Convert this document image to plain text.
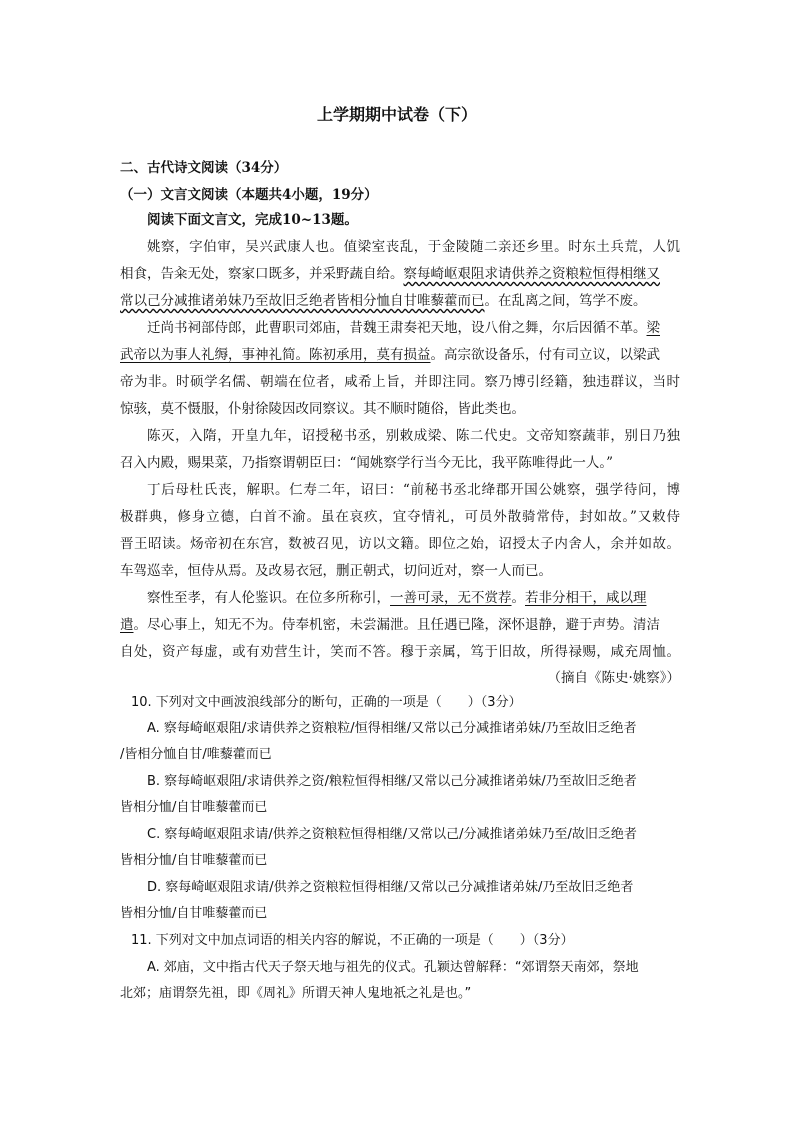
上学期期中试卷（下）
二、古代诗文阅读（34分）
（一）文言文阅读（本题共4小题，19分）
阅读下面文言文，完成10~13题。
姚察，字伯审，吴兴武康人也。值梁室丧乱，于金陵随二亲还乡里。时东土兵荒，人饥
相食，告籴无处，察家口既多，并采野蔬自给。察每崎岖艰阻求请供养之资粮粒恒得相继又
常以己分减推诸弟妹乃至故旧乏绝者皆相分恤自甘唯藜藿而已。在乱离之间，笃学不废。
迁尚书祠部侍郎，此曹职司郊庙，昔魏王肃奏祀天地，设八佾之舞，尔后因循不革。梁
武帝以为事人礼缛，事神礼简。陈初承用，莫有损益。高宗欲设备乐，付有司立议，以梁武
帝为非。时硕学名儒、朝端在位者，咸希上旨，并即注同。察乃博引经籍，独违群议，当时
惊骇，莫不慑服，仆射徐陵因改同察议。其不顺时随俗，皆此类也。
陈灭，入隋，开皇九年，诏授秘书丞，别敕成梁、陈二代史。文帝知察蔬菲，别日乃独
召入内殿，赐果菜，乃指察谓朝臣曰：“闻姚察学行当今无比，我平陈唯得此一人。”
丁后母杜氏丧，解职。仁寿二年，诏曰：“前秘书丞北绛郡开国公姚察，强学待问，博
极群典，修身立德，白首不渝。虽在哀疚，宜夺情礼，可员外散骑常侍，封如故。”又敕侍
晋王昭读。炀帝初在东宫，数被召见，访以文籍。即位之始，诏授太子内舍人，余并如故。
车驾巡幸，恒侍从焉。及改易衣冠，删正朝式，切问近对，察一人而已。
察性至孝，有人伦鉴识。在位多所称引，一善可录，无不赏荐。若非分相干，咸以理
遣。尽心事上，知无不为。侍奉机密，未尝漏泄。且任遇已隆，深怀退静，避于声势。清洁
自处，资产每虚，或有劝营生计，笑而不答。穆于亲属，笃于旧故，所得禄赐，咸充周恤。
（摘自《陈史·姚察》）
10. 下列对文中画波浪线部分的断句，正确的一项是（　　）（3分）
A. 察每崎岖艰阻/求请供养之资粮粒/恒得相继/又常以己分减推诸弟妹/乃至故旧乏绝者
/皆相分恤自甘/唯藜藿而已
B. 察每崎岖艰阻/求请供养之资/粮粒恒得相继/又常以己分减推诸弟妹/乃至故旧乏绝者
皆相分恤/自甘唯藜藿而已
C. 察每崎岖艰阻求请/供养之资粮粒恒得相继/又常以己/分减推诸弟妹乃至/故旧乏绝者
皆相分恤/自甘唯藜藿而已
D. 察每崎岖艰阻求请/供养之资粮粒恒得相继/又常以己分减推诸弟妹/乃至故旧乏绝者
皆相分恤/自甘唯藜藿而已
11. 下列对文中加点词语的相关内容的解说，不正确的一项是（　　）（3分）
A. 郊庙，文中指古代天子祭天地与祖先的仪式。孔颖达曾解释：“郊谓祭天南郊，祭地
北郊；庙谓祭先祖，即《周礼》所谓天神人鬼地祇之礼是也。”
